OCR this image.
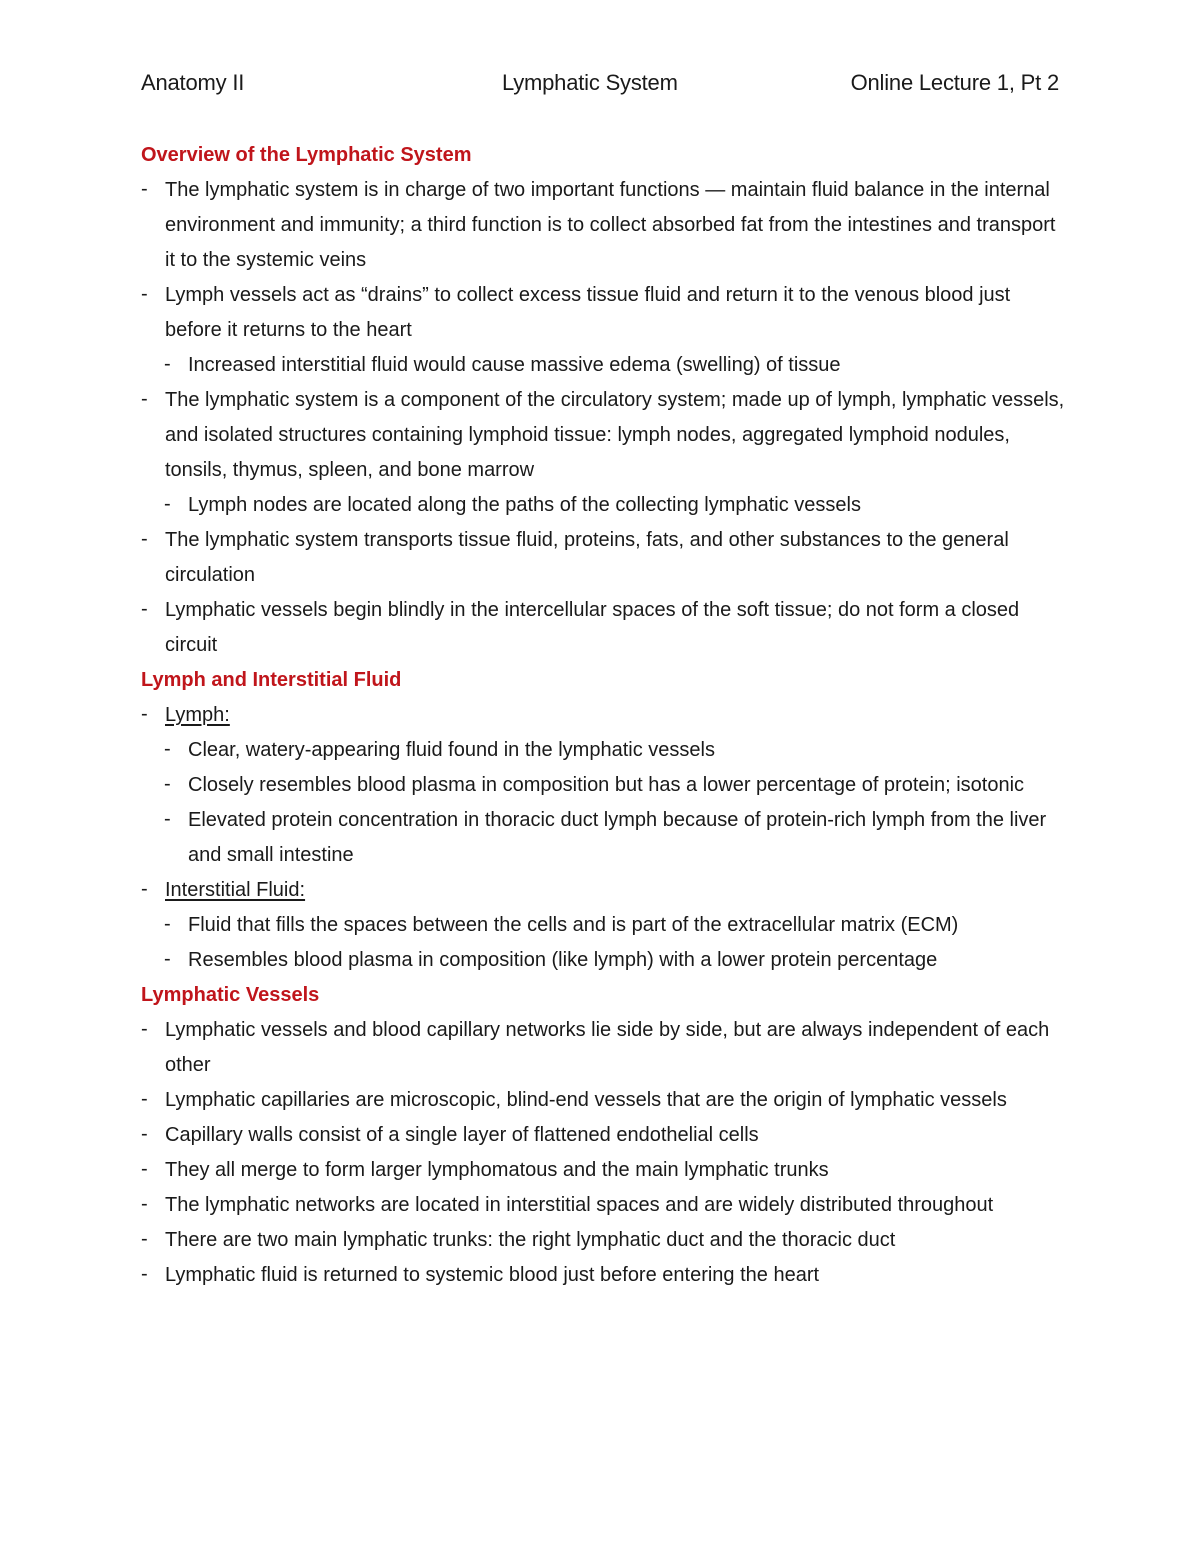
Anatomy II	Lymphatic System	Online Lecture 1, Pt 2
Overview of the Lymphatic System
- The lymphatic system is in charge of two important functions — maintain fluid balance in the internal environment and immunity; a third function is to collect absorbed fat from the intestines and transport it to the systemic veins
- Lymph vessels act as “drains” to collect excess tissue fluid and return it to the venous blood just before it returns to the heart
- Increased interstitial fluid would cause massive edema (swelling) of tissue
- The lymphatic system is a component of the circulatory system; made up of lymph, lymphatic vessels, and isolated structures containing lymphoid tissue: lymph nodes, aggregated lymphoid nodules, tonsils, thymus, spleen, and bone marrow
- Lymph nodes are located along the paths of the collecting lymphatic vessels
- The lymphatic system transports tissue fluid, proteins, fats, and other substances to the general circulation
- Lymphatic vessels begin blindly in the intercellular spaces of the soft tissue; do not form a closed circuit
Lymph and Interstitial Fluid
- Lymph:
- Clear, watery-appearing fluid found in the lymphatic vessels
- Closely resembles blood plasma in composition but has a lower percentage of protein; isotonic
- Elevated protein concentration in thoracic duct lymph because of protein-rich lymph from the liver and small intestine
- Interstitial Fluid:
- Fluid that fills the spaces between the cells and is part of the extracellular matrix (ECM)
- Resembles blood plasma in composition (like lymph) with a lower protein percentage
Lymphatic Vessels
- Lymphatic vessels and blood capillary networks lie side by side, but are always independent of each other
- Lymphatic capillaries are microscopic, blind-end vessels that are the origin of lymphatic vessels
- Capillary walls consist of a single layer of flattened endothelial cells
- They all merge to form larger lymphomatous and the main lymphatic trunks
- The lymphatic networks are located in interstitial spaces and are widely distributed throughout
- There are two main lymphatic trunks: the right lymphatic duct and the thoracic duct
- Lymphatic fluid is returned to systemic blood just before entering the heart
